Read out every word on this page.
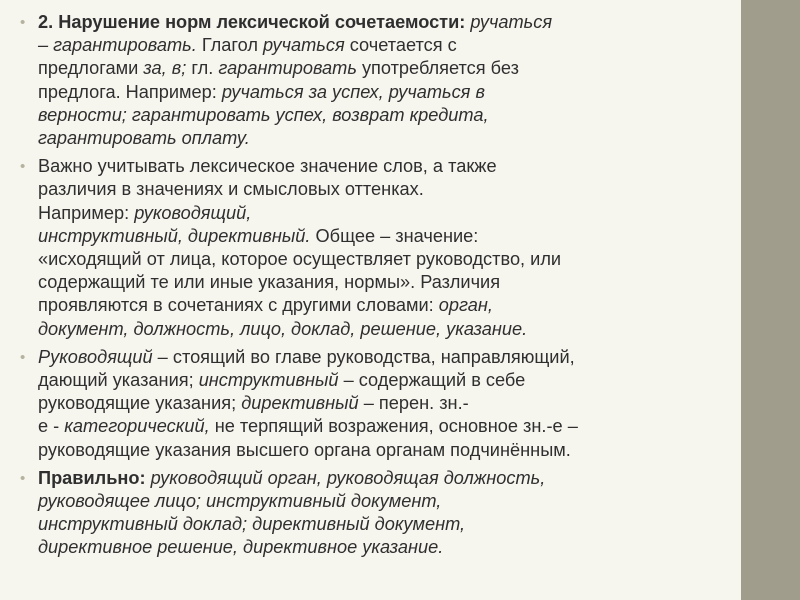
• 2. Нарушение норм лексической сочетаемости: ручаться
– гарантировать. Глагол ручаться сочетается с
предлогами за, в; гл. гарантировать употребляется без
предлога. Например: ручаться за успех, ручаться в
верности; гарантировать успех, возврат кредита,
гарантировать оплату.
• Важно учитывать лексическое значение слов, а также
различия в значениях и смысловых оттенках.
Например: руководящий,
инструктивный, директивный. Общее – значение:
«исходящий от лица, которое осуществляет руководство, или
содержащий те или иные указания, нормы». Различия
проявляются в сочетаниях с другими словами: орган,
документ, должность, лицо, доклад, решение, указание.
• Руководящий – стоящий во главе руководства, направляющий,
дающий указания; инструктивный – содержащий в себе
руководящие указания; директивный – перен. зн.-
е - категорический, не терпящий возражения, основное зн.-е –
руководящие указания высшего органа органам подчинённым.
• Правильно: руководящий орган, руководящая должность,
руководящее лицо; инструктивный документ,
инструктивный доклад; директивный документ,
директивное решение, директивное указание.
